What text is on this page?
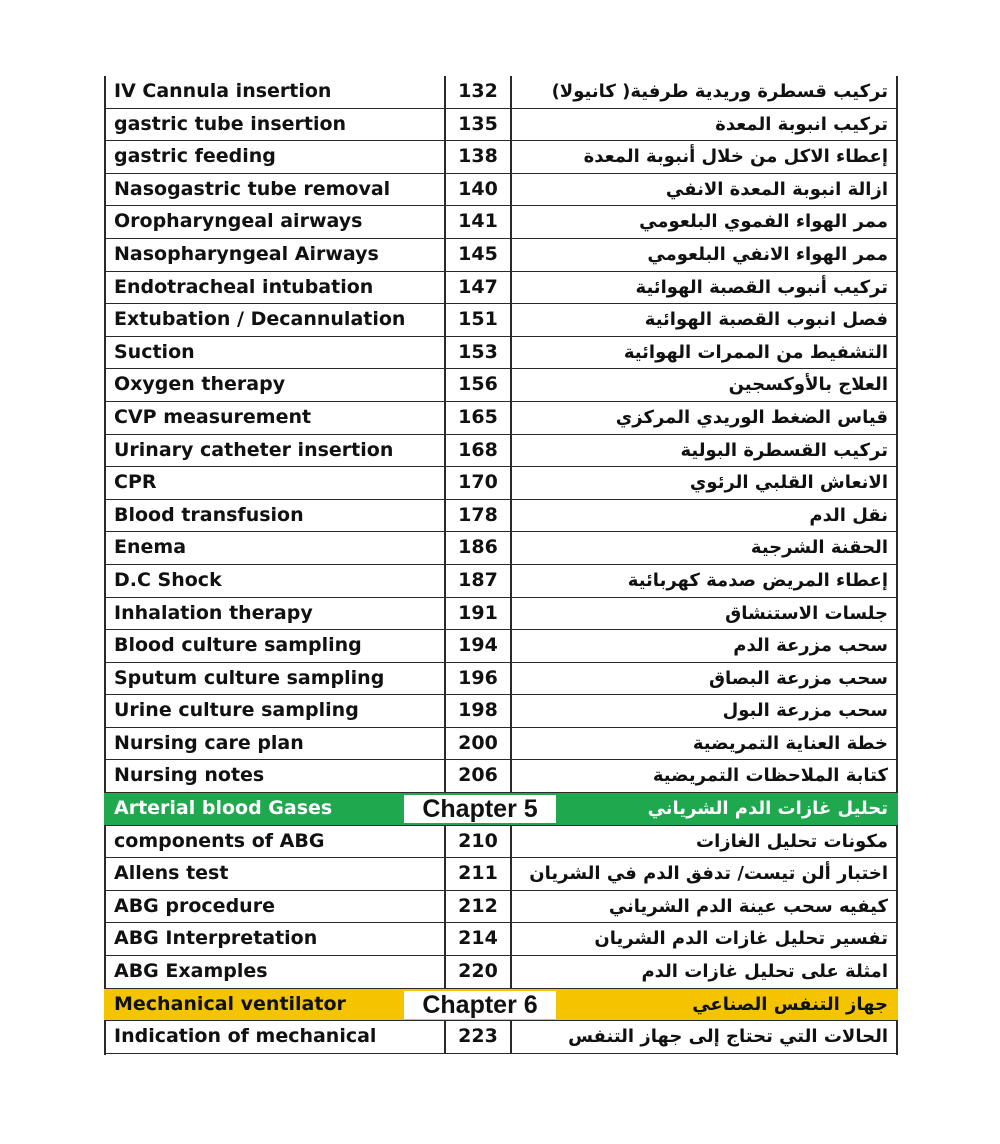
IV Cannula insertion	132	تركيب قسطرة وريدية طرفية( كانيولا)
gastric tube insertion	135	تركيب انبوبة المعدة
gastric feeding	138	إعطاء الاكل من خلال أنبوبة المعدة
Nasogastric tube removal	140	ازالة انبوبة المعدة الانفي
Oropharyngeal airways	141	ممر الهواء الفموي البلعومي
Nasopharyngeal Airways	145	ممر الهواء الانفي البلعومي
Endotracheal intubation	147	تركيب أنبوب القصبة الهوائية
Extubation / Decannulation	151	فصل انبوب القصبة الهوائية
Suction	153	التشفيط من الممرات الهوائية
Oxygen therapy	156	العلاج بالأوكسجين
CVP measurement	165	قياس الضغط الوريدي المركزي
Urinary catheter insertion	168	تركيب القسطرة البولية
CPR	170	الانعاش القلبي الرئوي
Blood transfusion	178	نقل الدم
Enema	186	الحقنة الشرجية
D.C Shock	187	إعطاء المريض صدمة كهربائية
Inhalation therapy	191	جلسات الاستنشاق
Blood culture sampling	194	سحب مزرعة الدم
Sputum culture sampling	196	سحب مزرعة البصاق
Urine culture sampling	198	سحب مزرعة البول
Nursing care plan	200	خطة العناية التمريضية
Nursing notes	206	كتابة الملاحظات التمريضية
Arterial blood Gases	Chapter 5	تحليل غازات الدم الشرياني
components of ABG	210	مكونات تحليل الغازات
Allens test	211	اختبار ألن تيست/ تدفق الدم في الشريان
ABG procedure	212	كيفيه سحب عينة الدم الشرياني
ABG Interpretation	214	تفسير تحليل غازات الدم الشريان
ABG Examples	220	امثلة على تحليل غازات الدم
Mechanical ventilator	Chapter 6	جهاز التنفس الصناعي
Indication of mechanical	223	الحالات التي تحتاج إلى جهاز التنفس
